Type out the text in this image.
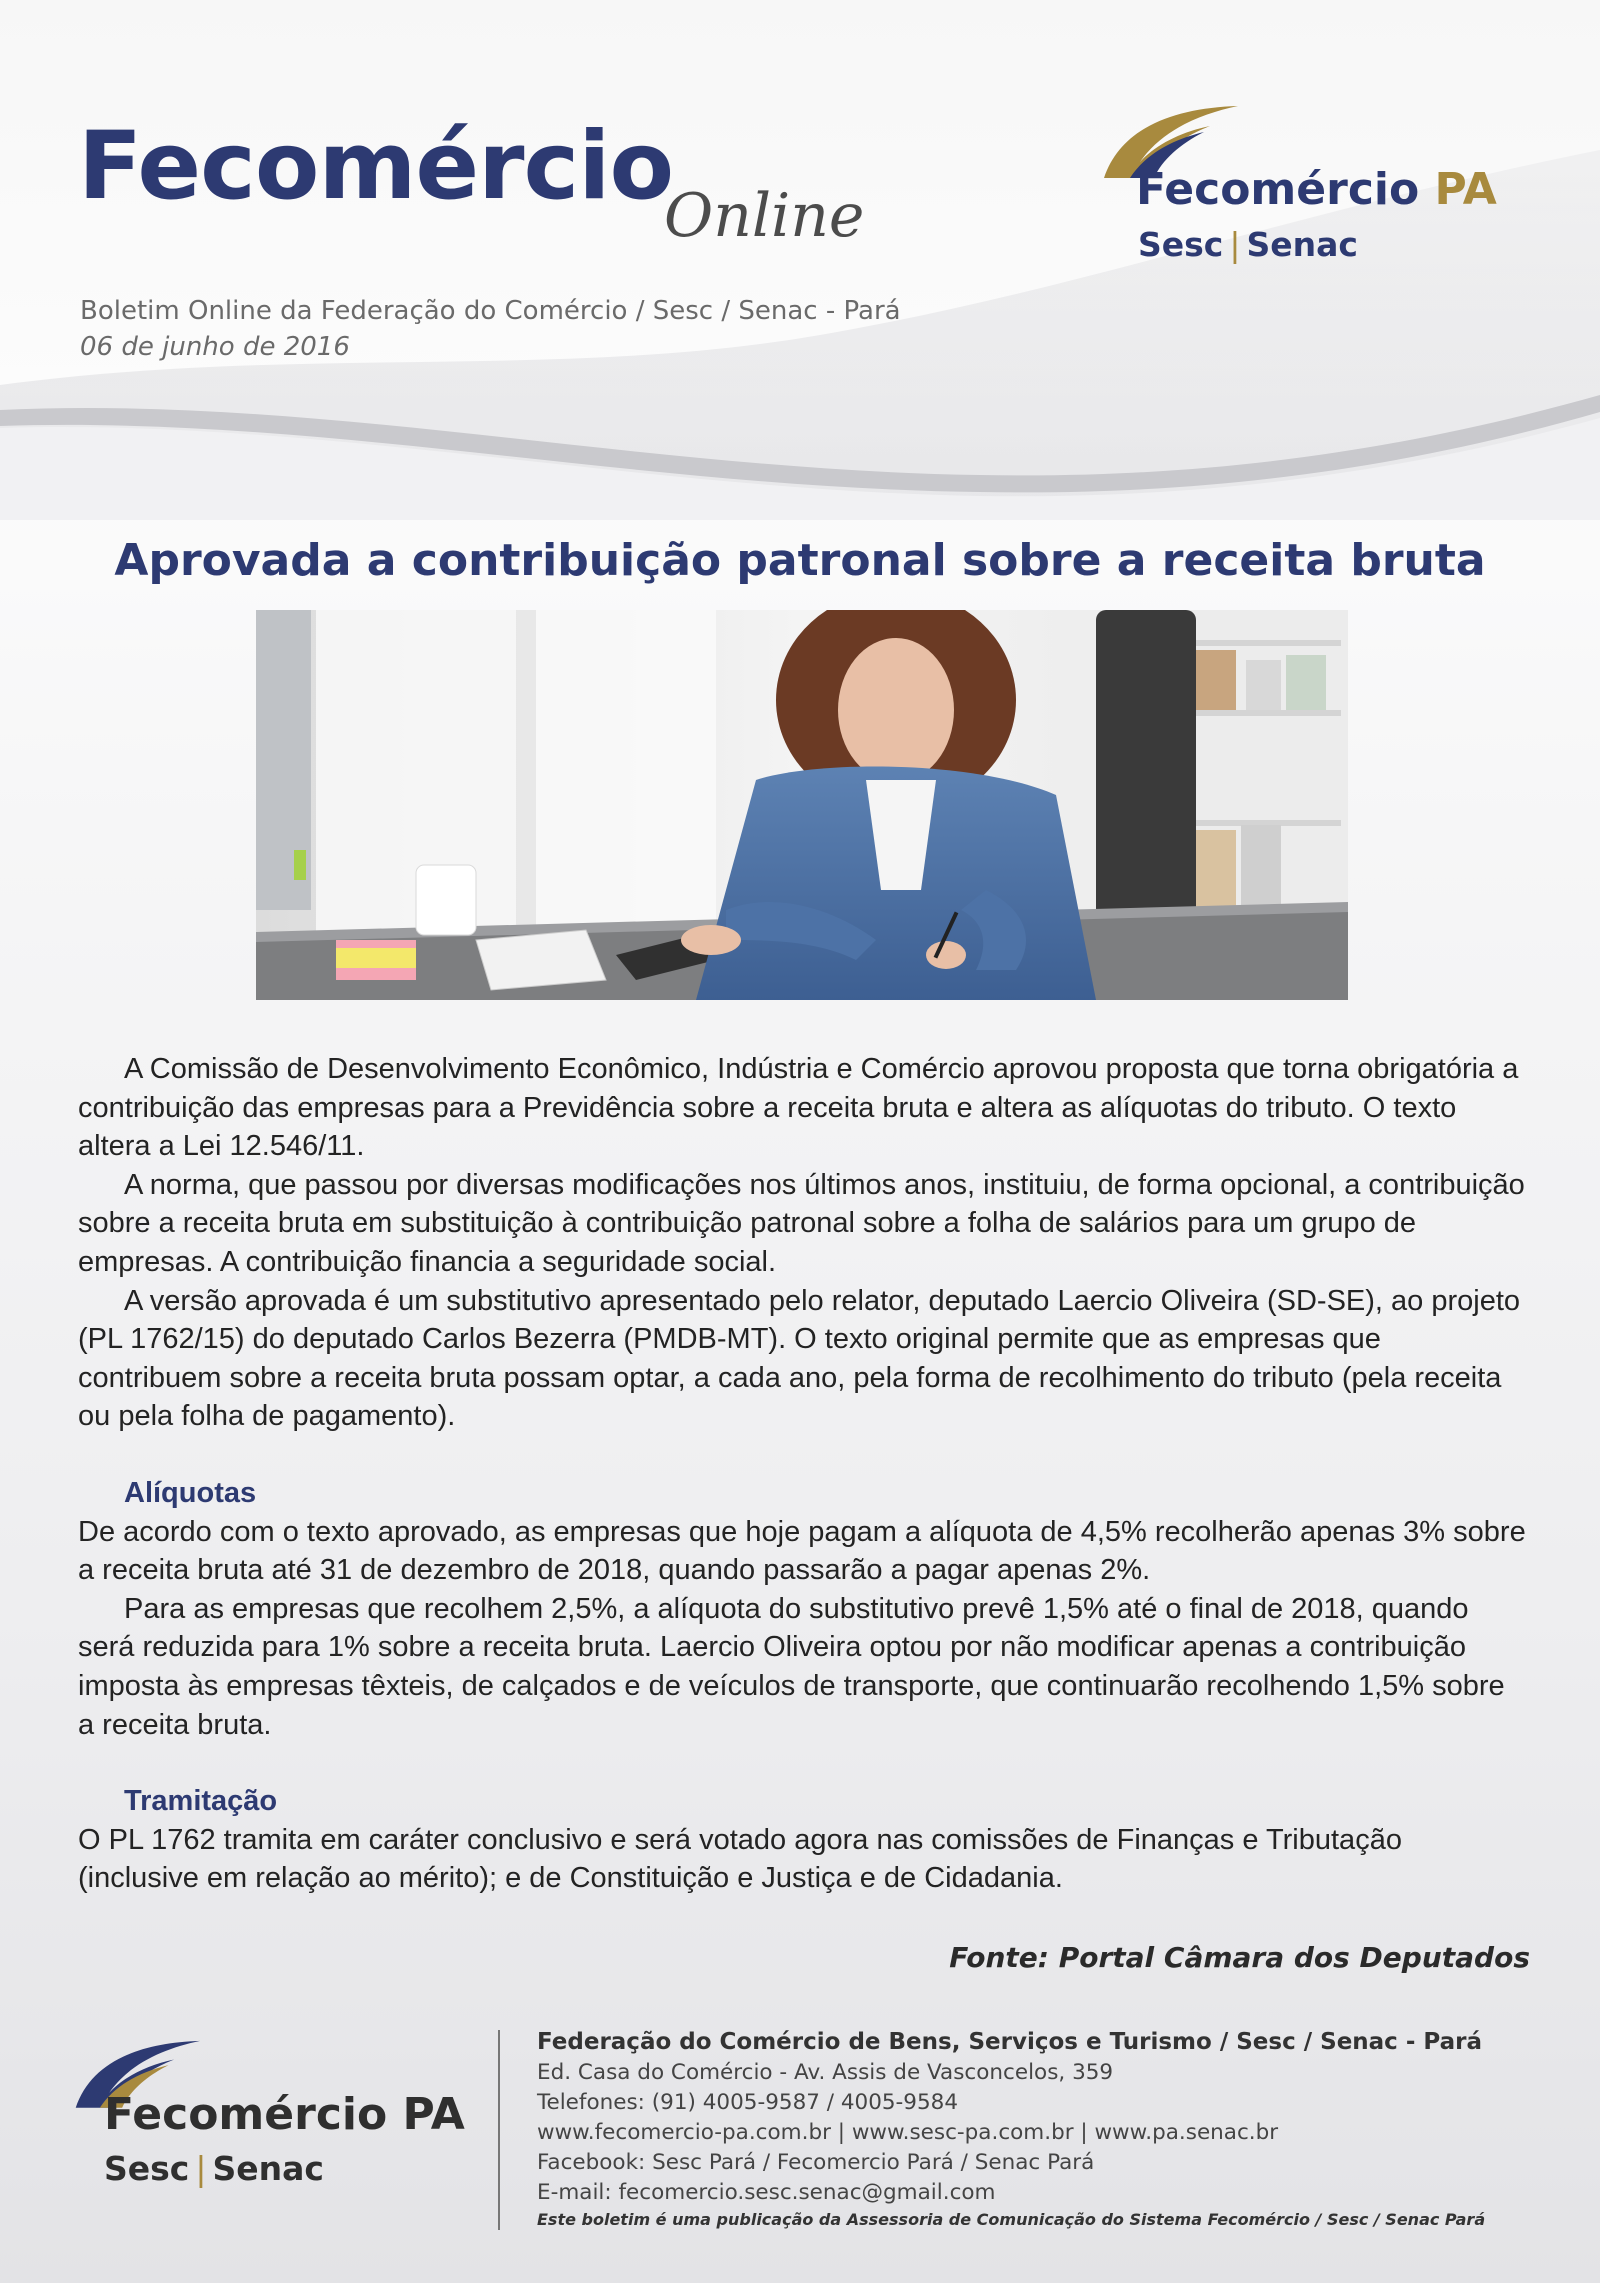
Fecomércio
Online
Boletim Online da Federação do Comércio / Sesc / Senac - Pará
06 de junho de 2016
Fecomércio PA
Sesc | Senac
Aprovada a contribuição patronal sobre a receita bruta

A Comissão de Desenvolvimento Econômico, Indústria e Comércio aprovou proposta que torna obrigatória a contribuição das empresas para a Previdência sobre a receita bruta e altera as alíquotas do tributo. O texto altera a Lei 12.546/11.

A norma, que passou por diversas modificações nos últimos anos, instituiu, de forma opcional, a contribuição sobre a receita bruta em substituição à contribuição patronal sobre a folha de salários para um grupo de empresas. A contribuição financia a seguridade social.

A versão aprovada é um substitutivo apresentado pelo relator, deputado Laercio Oliveira (SD-SE), ao projeto (PL 1762/15) do deputado Carlos Bezerra (PMDB-MT). O texto original permite que as empresas que contribuem sobre a receita bruta possam optar, a cada ano, pela forma de recolhimento do tributo (pela receita ou pela folha de pagamento).

Alíquotas

De acordo com o texto aprovado, as empresas que hoje pagam a alíquota de 4,5% recolherão apenas 3% sobre a receita bruta até 31 de dezembro de 2018, quando passarão a pagar apenas 2%.

Para as empresas que recolhem 2,5%, a alíquota do substitutivo prevê 1,5% até o final de 2018, quando será reduzida para 1% sobre a receita bruta. Laercio Oliveira optou por não modificar apenas a contribuição imposta às empresas têxteis, de calçados e de veículos de transporte, que continuarão recolhendo 1,5% sobre a receita bruta.

Tramitação

O PL 1762 tramita em caráter conclusivo e será votado agora nas comissões de Finanças e Tributação (inclusive em relação ao mérito); e de Constituição e Justiça e de Cidadania.

Fonte: Portal Câmara dos Deputados
Fecomércio PA
Sesc | Senac
Federação do Comércio de Bens, Serviços e Turismo / Sesc / Senac - Pará
Ed. Casa do Comércio - Av. Assis de Vasconcelos, 359
Telefones: (91) 4005-9587 / 4005-9584
www.fecomercio-pa.com.br | www.sesc-pa.com.br | www.pa.senac.br
Facebook: Sesc Pará / Fecomercio Pará / Senac Pará
E-mail: fecomercio.sesc.senac@gmail.com
Este boletim é uma publicação da Assessoria de Comunicação do Sistema Fecomércio / Sesc / Senac Pará
